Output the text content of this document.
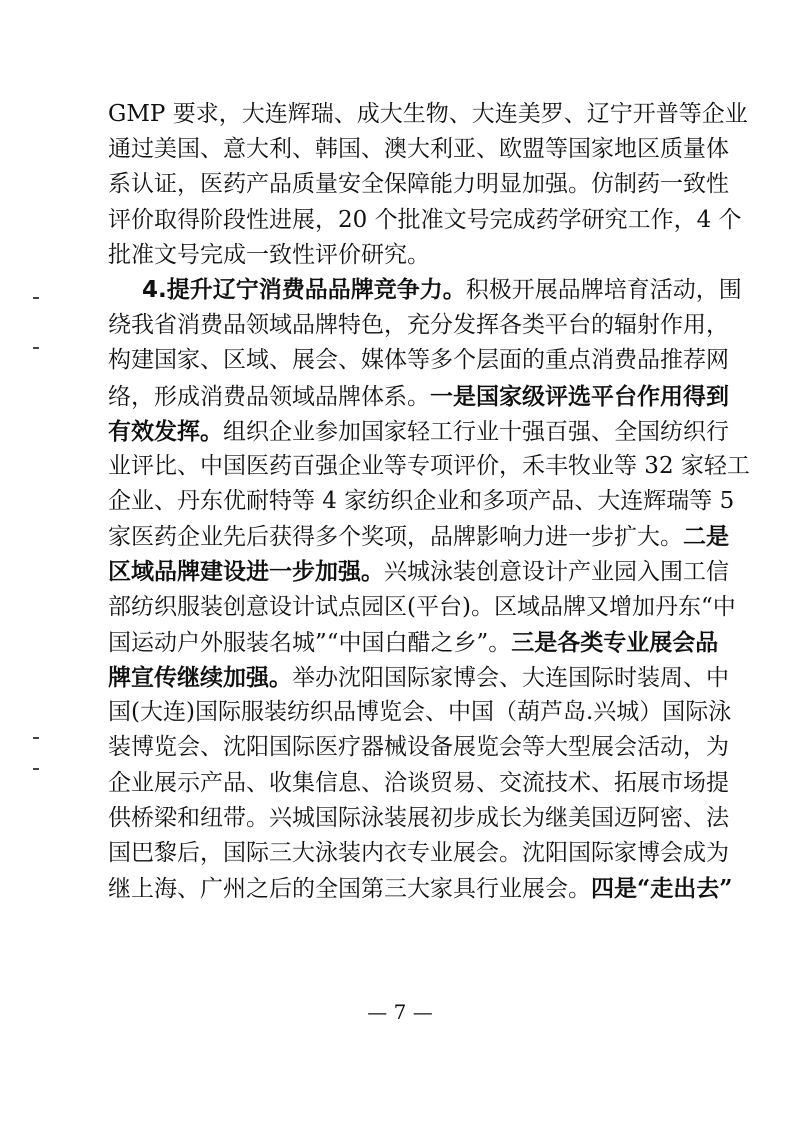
GMP 要求，大连辉瑞、成大生物、大连美罗、辽宁开普等企业
通过美国、意大利、韩国、澳大利亚、欧盟等国家地区质量体
系认证，医药产品质量安全保障能力明显加强。仿制药一致性
评价取得阶段性进展，20 个批准文号完成药学研究工作，4 个
批准文号完成一致性评价研究。
4.提升辽宁消费品品牌竞争力。积极开展品牌培育活动，围
绕我省消费品领域品牌特色，充分发挥各类平台的辐射作用，
构建国家、区域、展会、媒体等多个层面的重点消费品推荐网
络，形成消费品领域品牌体系。一是国家级评选平台作用得到
有效发挥。组织企业参加国家轻工行业十强百强、全国纺织行
业评比、中国医药百强企业等专项评价，禾丰牧业等 32 家轻工
企业、丹东优耐特等 4 家纺织企业和多项产品、大连辉瑞等 5
家医药企业先后获得多个奖项，品牌影响力进一步扩大。二是
区域品牌建设进一步加强。兴城泳装创意设计产业园入围工信
部纺织服装创意设计试点园区(平台)。区域品牌又增加丹东“中
国运动户外服装名城”“中国白醋之乡”。三是各类专业展会品
牌宣传继续加强。举办沈阳国际家博会、大连国际时装周、中
国(大连)国际服装纺织品博览会、中国（葫芦岛.兴城）国际泳
装博览会、沈阳国际医疗器械设备展览会等大型展会活动，为
企业展示产品、收集信息、洽谈贸易、交流技术、拓展市场提
供桥梁和纽带。兴城国际泳装展初步成长为继美国迈阿密、法
国巴黎后，国际三大泳装内衣专业展会。沈阳国际家博会成为
继上海、广州之后的全国第三大家具行业展会。四是“走出去”
— 7 —
